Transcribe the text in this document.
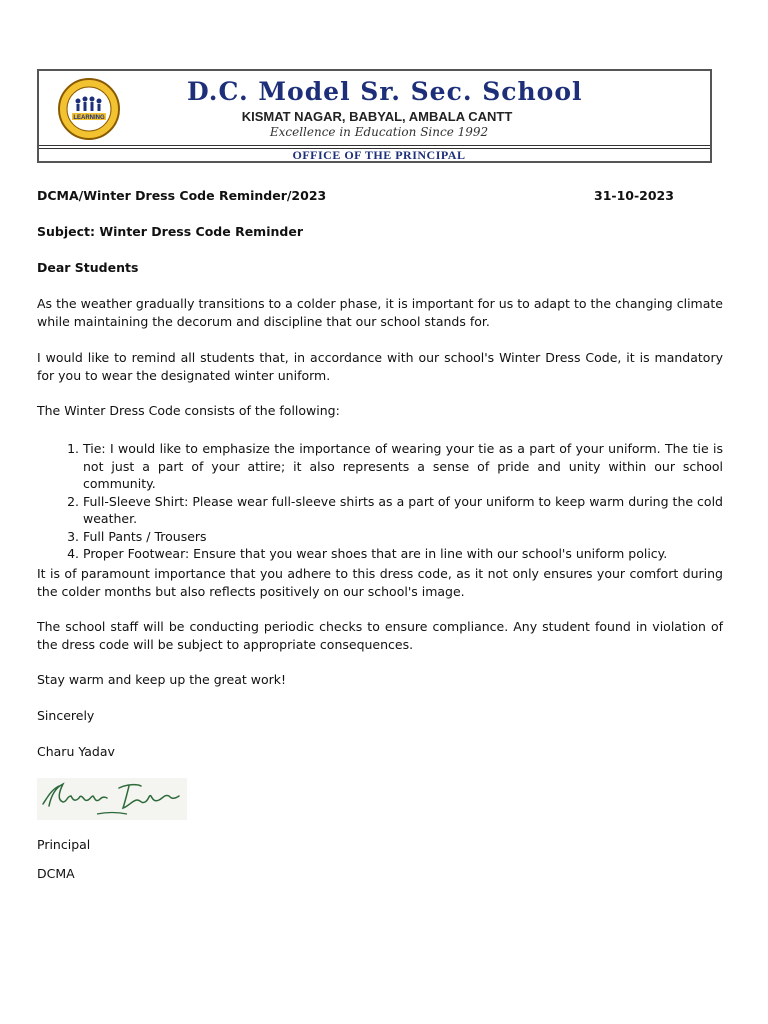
LEARNING
D.C. Model Sr. Sec. School
KISMAT NAGAR, BABYAL, AMBALA CANTT
Excellence in Education Since 1992
OFFICE OF THE PRINCIPAL
DCMA/Winter Dress Code Reminder/2023	31-10-2023
Subject: Winter Dress Code Reminder
Dear Students
As the weather gradually transitions to a colder phase, it is important for us to adapt to the changing climate while maintaining the decorum and discipline that our school stands for.
I would like to remind all students that, in accordance with our school's Winter Dress Code, it is mandatory for you to wear the designated winter uniform.
The Winter Dress Code consists of the following:
1. Tie: I would like to emphasize the importance of wearing your tie as a part of your uniform. The tie is not just a part of your attire; it also represents a sense of pride and unity within our school community.
2. Full-Sleeve Shirt: Please wear full-sleeve shirts as a part of your uniform to keep warm during the cold weather.
3. Full Pants / Trousers
4. Proper Footwear: Ensure that you wear shoes that are in line with our school's uniform policy.
It is of paramount importance that you adhere to this dress code, as it not only ensures your comfort during the colder months but also reflects positively on our school's image.
The school staff will be conducting periodic checks to ensure compliance. Any student found in violation of the dress code will be subject to appropriate consequences.
Stay warm and keep up the great work!
Sincerely
Charu Yadav
Principal
DCMA
